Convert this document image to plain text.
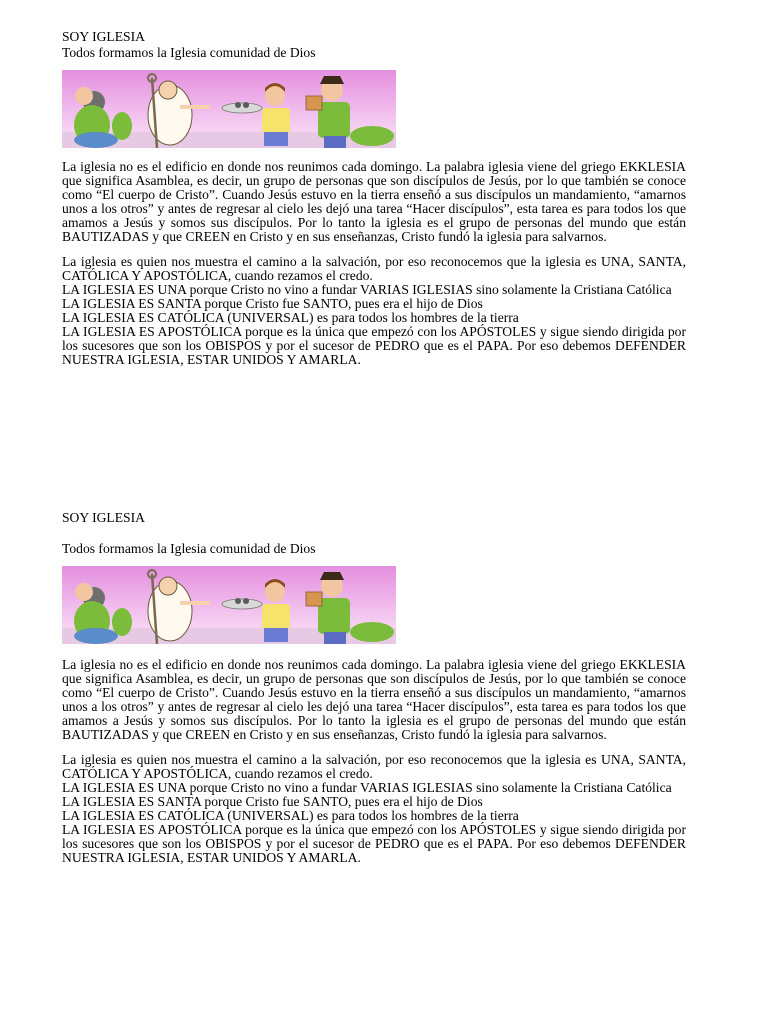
SOY IGLESIA
Todos formamos la Iglesia comunidad de Dios

La iglesia no es el edificio en donde nos reunimos cada domingo. La palabra iglesia viene del griego EKKLESIA que significa Asamblea, es decir, un grupo de personas que son discípulos de Jesús, por lo que también se conoce como “El cuerpo de Cristo”. Cuando Jesús estuvo en la tierra enseñó a sus discípulos un mandamiento, “amarnos unos a los otros” y antes de regresar al cielo les dejó una tarea “Hacer discípulos”, esta tarea es para todos los que amamos a Jesús y somos sus discípulos. Por lo tanto la iglesia es el grupo de personas del mundo que están BAUTIZADAS y que CREEN en Cristo y en sus enseñanzas, Cristo fundó la iglesia para salvarnos.

La iglesia es quien nos muestra el camino a la salvación, por eso reconocemos que la iglesia es UNA, SANTA, CATÓLICA Y APOSTÓLICA, cuando rezamos el credo.

LA IGLESIA ES UNA porque Cristo no vino a fundar VARIAS IGLESIAS sino solamente la Cristiana Católica

LA IGLESIA ES SANTA porque Cristo fue SANTO, pues era el hijo de Dios

LA IGLESIA ES CATÓLICA (UNIVERSAL) es para todos los hombres de la tierra

LA IGLESIA ES APOSTÓLICA porque es la única que empezó con los APÓSTOLES y sigue siendo dirigida por los sucesores que son los OBISPOS y por el sucesor de PEDRO que es el PAPA. Por eso debemos DEFENDER NUESTRA IGLESIA, ESTAR UNIDOS Y AMARLA.

SOY IGLESIA
Todos formamos la Iglesia comunidad de Dios

La iglesia no es el edificio en donde nos reunimos cada domingo. La palabra iglesia viene del griego EKKLESIA que significa Asamblea, es decir, un grupo de personas que son discípulos de Jesús, por lo que también se conoce como “El cuerpo de Cristo”. Cuando Jesús estuvo en la tierra enseñó a sus discípulos un mandamiento, “amarnos unos a los otros” y antes de regresar al cielo les dejó una tarea “Hacer discípulos”, esta tarea es para todos los que amamos a Jesús y somos sus discípulos. Por lo tanto la iglesia es el grupo de personas del mundo que están BAUTIZADAS y que CREEN en Cristo y en sus enseñanzas, Cristo fundó la iglesia para salvarnos.

La iglesia es quien nos muestra el camino a la salvación, por eso reconocemos que la iglesia es UNA, SANTA, CATÓLICA Y APOSTÓLICA, cuando rezamos el credo.

LA IGLESIA ES UNA porque Cristo no vino a fundar VARIAS IGLESIAS sino solamente la Cristiana Católica

LA IGLESIA ES SANTA porque Cristo fue SANTO, pues era el hijo de Dios

LA IGLESIA ES CATÓLICA (UNIVERSAL) es para todos los hombres de la tierra

LA IGLESIA ES APOSTÓLICA porque es la única que empezó con los APÓSTOLES y sigue siendo dirigida por los sucesores que son los OBISPOS y por el sucesor de PEDRO que es el PAPA. Por eso debemos DEFENDER NUESTRA IGLESIA, ESTAR UNIDOS Y AMARLA.
